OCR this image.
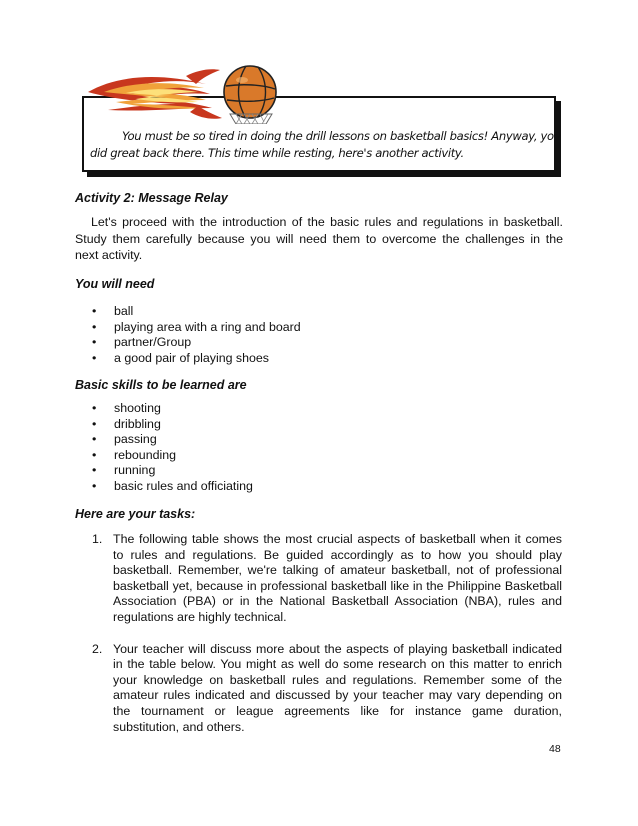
You must be so tired in doing the drill lessons on basketball basics! Anyway, you
did great back there. This time while resting, here's another activity.
Activity 2: Message Relay
Let's proceed with the introduction of the basic rules and regulations in basketball.
Study them carefully because you will need them to overcome the challenges in the
next activity.
You will need
• ball
• playing area with a ring and board
• partner/Group
• a good pair of playing shoes
Basic skills to be learned are
• shooting
• dribbling
• passing
• rebounding
• running
• basic rules and officiating
Here are your tasks:
1. The following table shows the most crucial aspects of basketball when it comes
to rules and regulations. Be guided accordingly as to how you should play
basketball. Remember, we're talking of amateur basketball, not of professional
basketball yet, because in professional basketball like in the Philippine Basketball
Association (PBA) or in the National Basketball Association (NBA), rules and
regulations are highly technical.
2. Your teacher will discuss more about the aspects of playing basketball indicated
in the table below. You might as well do some research on this matter to enrich
your knowledge on basketball rules and regulations. Remember some of the
amateur rules indicated and discussed by your teacher may vary depending on
the tournament or league agreements like for instance game duration,
substitution, and others.
48
